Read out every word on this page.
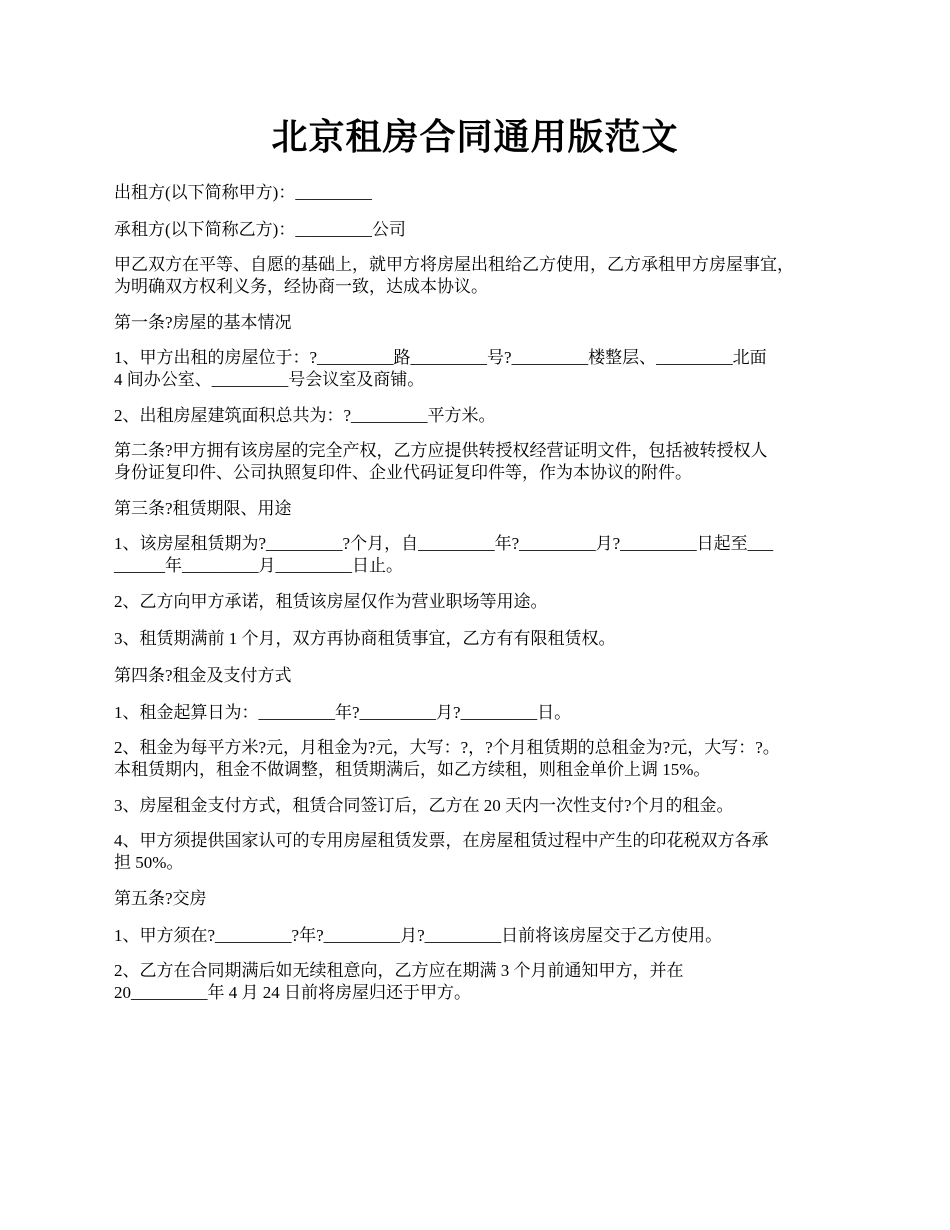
北京租房合同通用版范文
出租方(以下简称甲方)：_________
承租方(以下简称乙方)：_________公司
甲乙双方在平等、自愿的基础上，就甲方将房屋出租给乙方使用，乙方承租甲方房屋事宜，
为明确双方权利义务，经协商一致，达成本协议。
第一条?房屋的基本情况
1、甲方出租的房屋位于：?_________路_________号?_________楼整层、_________北面
4 间办公室、_________号会议室及商铺。
2、出租房屋建筑面积总共为：?_________平方米。
第二条?甲方拥有该房屋的完全产权，乙方应提供转授权经营证明文件，包括被转授权人
身份证复印件、公司执照复印件、企业代码证复印件等，作为本协议的附件。
第三条?租赁期限、用途
1、该房屋租赁期为?_________?个月，自_________年?_________月?_________日起至___
______年_________月_________日止。
2、乙方向甲方承诺，租赁该房屋仅作为营业职场等用途。
3、租赁期满前 1 个月，双方再协商租赁事宜，乙方有有限租赁权。
第四条?租金及支付方式
1、租金起算日为：_________年?_________月?_________日。
2、租金为每平方米?元，月租金为?元，大写：?，?个月租赁期的总租金为?元，大写：?。
本租赁期内，租金不做调整，租赁期满后，如乙方续租，则租金单价上调 15%。
3、房屋租金支付方式，租赁合同签订后，乙方在 20 天内一次性支付?个月的租金。
4、甲方须提供国家认可的专用房屋租赁发票，在房屋租赁过程中产生的印花税双方各承
担 50%。
第五条?交房
1、甲方须在?_________?年?_________月?_________日前将该房屋交于乙方使用。
2、乙方在合同期满后如无续租意向，乙方应在期满 3 个月前通知甲方，并在
20_________年 4 月 24 日前将房屋归还于甲方。
